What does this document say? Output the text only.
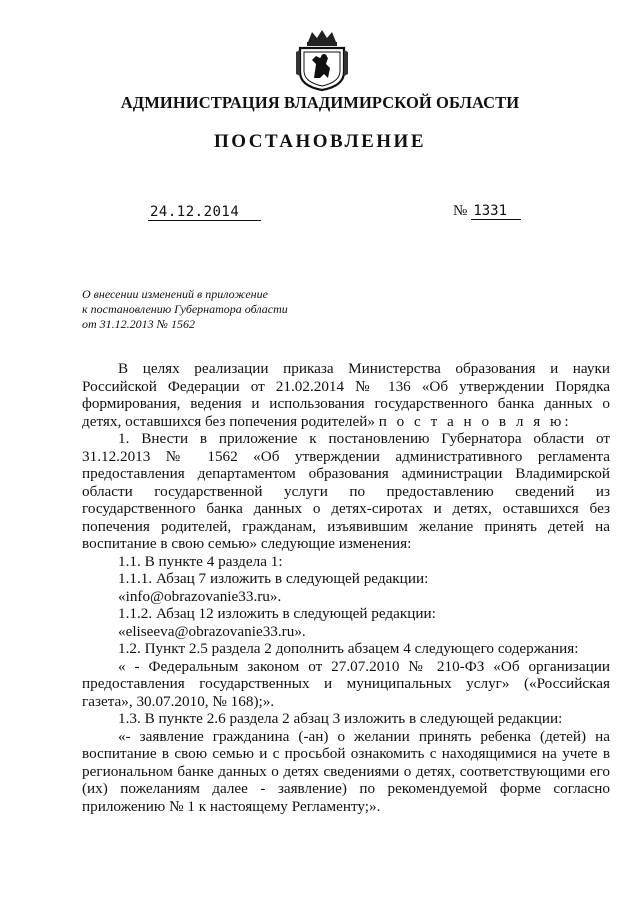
АДМИНИСТРАЦИЯ ВЛАДИМИРСКОЙ ОБЛАСТИ
ПОСТАНОВЛЕНИЕ
24.12.2014	№ 1331
О внесении изменений в приложение
к постановлению Губернатора области
от 31.12.2013 № 1562

В целях реализации приказа Министерства образования и науки Российской Федерации от 21.02.2014 № 136 «Об утверждении Порядка формирования, ведения и использования государственного банка данных о детях, оставшихся без попечения родителей» п о с т а н о в л я ю:

1. Внести в приложение к постановлению Губернатора области от 31.12.2013 № 1562 «Об утверждении административного регламента предоставления департаментом образования администрации Владимирской области государственной услуги по предоставлению сведений из государственного банка данных о детях-сиротах и детях, оставшихся без попечения родителей, гражданам, изъявившим желание принять детей на воспитание в свою семью» следующие изменения:

1.1. В пункте 4 раздела 1:

1.1.1. Абзац 7 изложить в следующей редакции:

«info@obrazovanie33.ru».

1.1.2. Абзац 12 изложить в следующей редакции:

«eliseeva@obrazovanie33.ru».

1.2. Пункт 2.5 раздела 2 дополнить абзацем 4 следующего содержания:

« - Федеральным законом от 27.07.2010 № 210-ФЗ «Об организации предоставления государственных и муниципальных услуг» («Российская газета», 30.07.2010, № 168);».

1.3. В пункте 2.6 раздела 2 абзац 3 изложить в следующей редакции:

«- заявление гражданина (-ан) о желании принять ребенка (детей) на воспитание в свою семью и с просьбой ознакомить с находящимися на учете в региональном банке данных о детях сведениями о детях, соответствующими его (их) пожеланиям далее - заявление) по рекомендуемой форме согласно приложению № 1 к настоящему Регламенту;».
